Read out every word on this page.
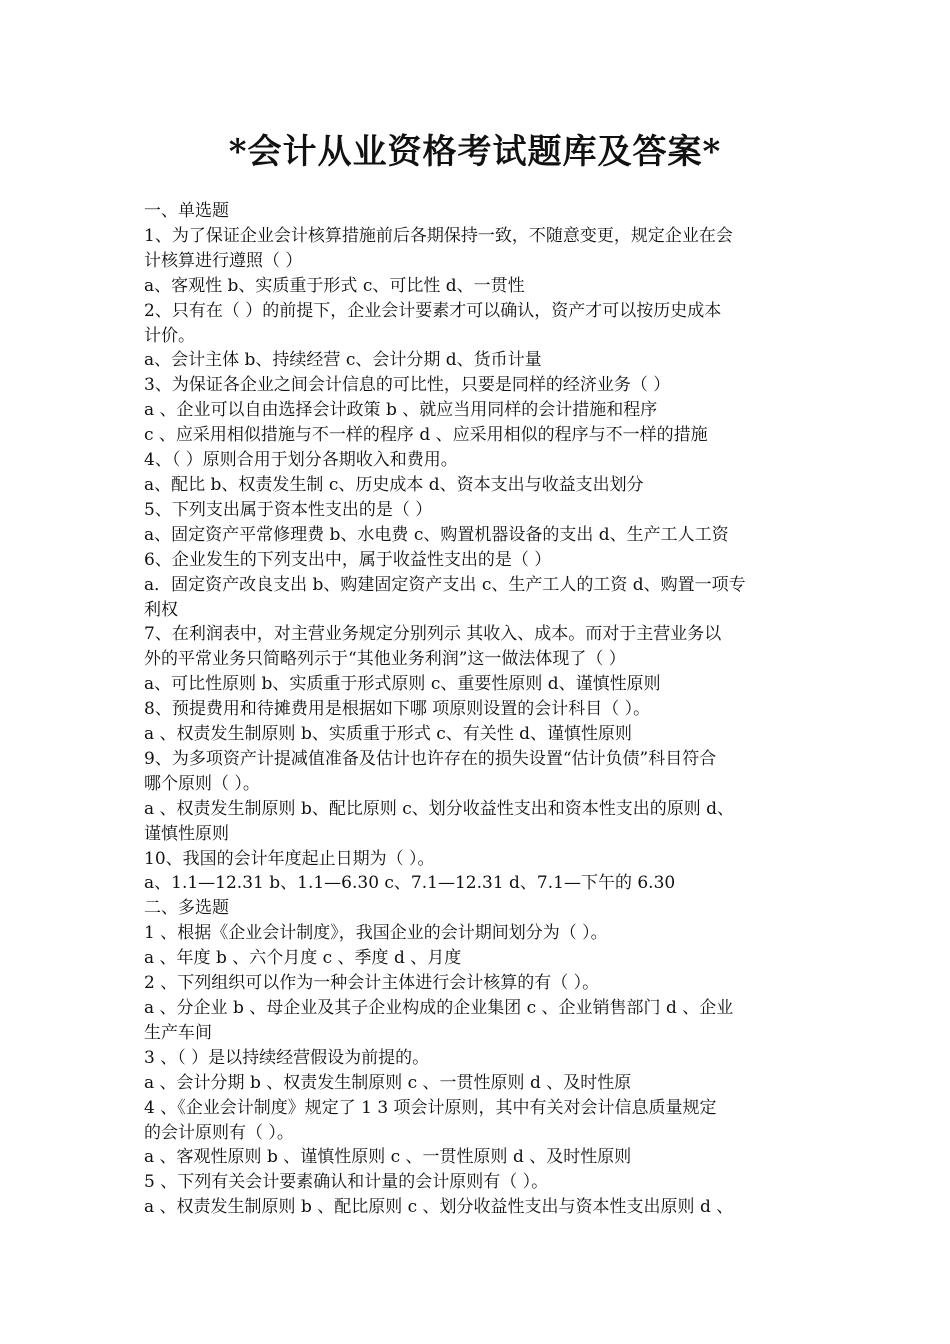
*会计从业资格考试题库及答案*
一、单选题
1、为了保证企业会计核算措施前后各期保持一致，不随意变更，规定企业在会
计核算进行遵照（ ）
a、客观性 b、实质重于形式 c、可比性 d、一贯性
2、只有在（ ）的前提下，企业会计要素才可以确认，资产才可以按历史成本
计价。
a、会计主体 b、持续经营 c、会计分期 d、货币计量
3、为保证各企业之间会计信息的可比性，只要是同样的经济业务（ ）
a 、企业可以自由选择会计政策 b 、就应当用同样的会计措施和程序
c 、应采用相似措施与不一样的程序 d 、应采用相似的程序与不一样的措施
4、（ ）原则合用于划分各期收入和费用。
a、配比 b、权责发生制 c、历史成本 d、资本支出与收益支出划分
5、下列支出属于资本性支出的是（ ）
a、固定资产平常修理费 b、水电费 c、购置机器设备的支出 d、生产工人工资
6、企业发生的下列支出中，属于收益性支出的是（ ）
a．固定资产改良支出 b、购建固定资产支出 c、生产工人的工资 d、购置一项专
利权
7、在利润表中，对主营业务规定分别列示 其收入、成本。而对于主营业务以
外的平常业务只简略列示于“其他业务利润”这一做法体现了（ ）
a、可比性原则 b、实质重于形式原则 c、重要性原则 d、谨慎性原则
8、预提费用和待摊费用是根据如下哪 项原则设置的会计科目（ ）。
a 、权责发生制原则 b、实质重于形式 c、有关性 d、谨慎性原则
9、为多项资产计提减值准备及估计也许存在的损失设置“估计负债”科目符合
哪个原则（ ）。
a 、权责发生制原则 b、配比原则 c、划分收益性支出和资本性支出的原则 d、
谨慎性原则
10、我国的会计年度起止日期为（ ）。
a、1.1—12.31 b、1.1—6.30 c、7.1—12.31 d、7.1—下午的 6.30
二、多选题
1 、根据《企业会计制度》，我国企业的会计期间划分为（ ）。
a 、年度 b 、六个月度 c 、季度 d 、月度
2 、下列组织可以作为一种会计主体进行会计核算的有（ ）。
a 、分企业 b 、母企业及其子企业构成的企业集团 c 、企业销售部门 d 、企业
生产车间
3 、（ ）是以持续经营假设为前提的。
a 、会计分期 b 、权责发生制原则 c 、一贯性原则 d 、及时性原
4 、《企业会计制度》规定了 1 3 项会计原则，其中有关对会计信息质量规定
的会计原则有（ ）。
a 、客观性原则 b 、谨慎性原则 c 、一贯性原则 d 、及时性原则
5 、下列有关会计要素确认和计量的会计原则有（ ）。
a 、权责发生制原则 b 、配比原则 c 、划分收益性支出与资本性支出原则 d 、
